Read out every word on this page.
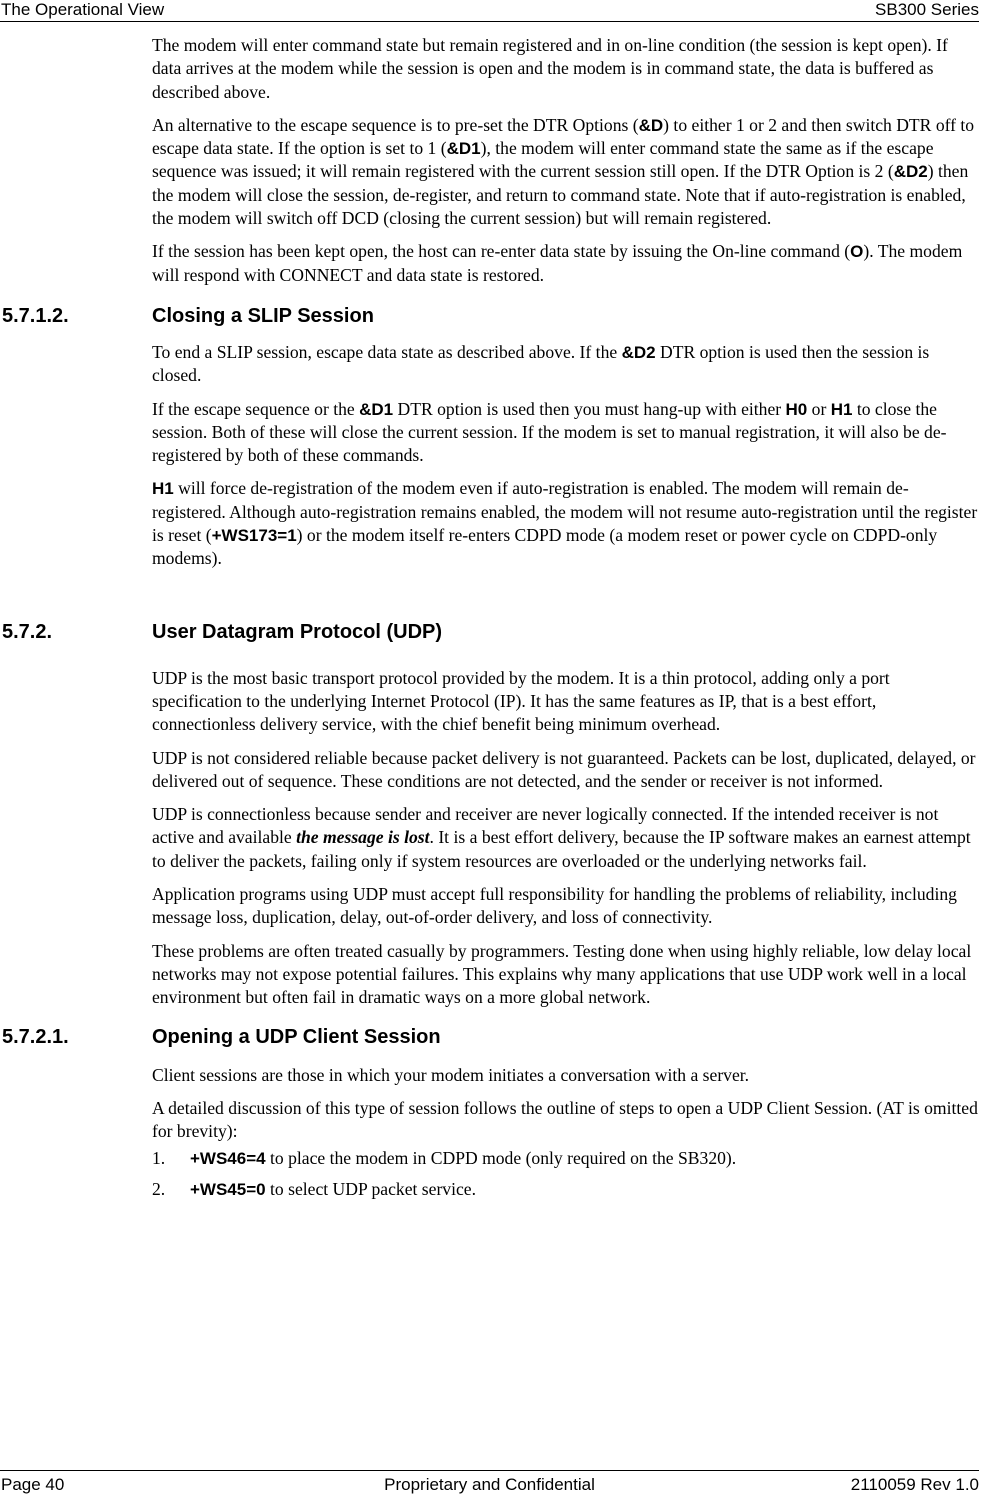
The Operational View	SB300 Series

The modem will enter command state but remain registered and in on-line condition (the session is kept open). If data arrives at the modem while the session is open and the modem is in command state, the data is buffered as described above.

An alternative to the escape sequence is to pre-set the DTR Options (&D) to either 1 or 2 and then switch DTR off to escape data state. If the option is set to 1 (&D1), the modem will enter command state the same as if the escape sequence was issued; it will remain registered with the current session still open. If the DTR Option is 2 (&D2) then the modem will close the session, de-register, and return to command state. Note that if auto-registration is enabled, the modem will switch off DCD (closing the current session) but will remain registered.

If the session has been kept open, the host can re-enter data state by issuing the On-line command (O). The modem will respond with CONNECT and data state is restored.

5.7.1.2.	Closing a SLIP Session

To end a SLIP session, escape data state as described above. If the &D2 DTR option is used then the session is closed.

If the escape sequence or the &D1 DTR option is used then you must hang-up with either H0 or H1 to close the session. Both of these will close the current session. If the modem is set to manual registration, it will also be de-registered by both of these commands.

H1 will force de-registration of the modem even if auto-registration is enabled. The modem will remain de-registered. Although auto-registration remains enabled, the modem will not resume auto-registration until the register is reset (+WS173=1) or the modem itself re-enters CDPD mode (a modem reset or power cycle on CDPD-only modems).

5.7.2.	User Datagram Protocol (UDP)

UDP is the most basic transport protocol provided by the modem. It is a thin protocol, adding only a port specification to the underlying Internet Protocol (IP). It has the same features as IP, that is a best effort, connectionless delivery service, with the chief benefit being minimum overhead.

UDP is not considered reliable because packet delivery is not guaranteed. Packets can be lost, duplicated, delayed, or delivered out of sequence. These conditions are not detected, and the sender or receiver is not informed.

UDP is connectionless because sender and receiver are never logically connected. If the intended receiver is not active and available the message is lost. It is a best effort delivery, because the IP software makes an earnest attempt to deliver the packets, failing only if system resources are overloaded or the underlying networks fail.

Application programs using UDP must accept full responsibility for handling the problems of reliability, including message loss, duplication, delay, out-of-order delivery, and loss of connectivity.

These problems are often treated casually by programmers. Testing done when using highly reliable, low delay local networks may not expose potential failures. This explains why many applications that use UDP work well in a local environment but often fail in dramatic ways on a more global network.

5.7.2.1.	Opening a UDP Client Session

Client sessions are those in which your modem initiates a conversation with a server.

A detailed discussion of this type of session follows the outline of steps to open a UDP Client Session. (AT is omitted for brevity):

1. +WS46=4 to place the modem in CDPD mode (only required on the SB320).
2. +WS45=0 to select UDP packet service.
Page 40	Proprietary and Confidential	2110059 Rev 1.0
